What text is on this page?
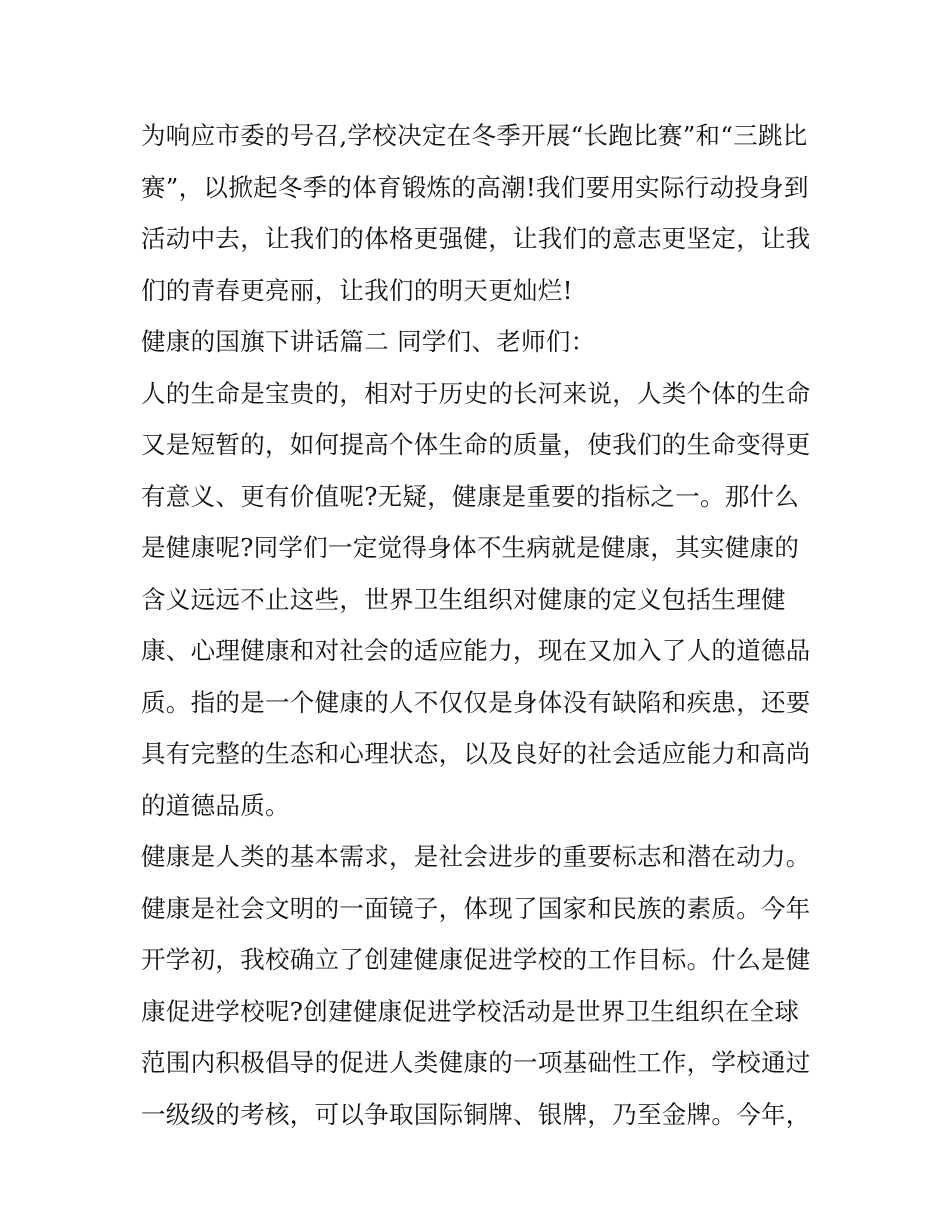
为响应市委的号召,学校决定在冬季开展“长跑比赛”和“三跳比
赛”，以掀起冬季的体育锻炼的高潮!我们要用实际行动投身到
活动中去，让我们的体格更强健，让我们的意志更坚定，让我
们的青春更亮丽，让我们的明天更灿烂!
健康的国旗下讲话篇二 同学们、老师们：
人的生命是宝贵的，相对于历史的长河来说，人类个体的生命
又是短暂的，如何提高个体生命的质量，使我们的生命变得更
有意义、更有价值呢?无疑，健康是重要的指标之一。那什么
是健康呢?同学们一定觉得身体不生病就是健康，其实健康的
含义远远不止这些，世界卫生组织对健康的定义包括生理健
康、心理健康和对社会的适应能力，现在又加入了人的道德品
质。指的是一个健康的人不仅仅是身体没有缺陷和疾患，还要
具有完整的生态和心理状态，以及良好的社会适应能力和高尚
的道德品质。
健康是人类的基本需求，是社会进步的重要标志和潜在动力。
健康是社会文明的一面镜子，体现了国家和民族的素质。今年
开学初，我校确立了创建健康促进学校的工作目标。什么是健
康促进学校呢?创建健康促进学校活动是世界卫生组织在全球
范围内积极倡导的促进人类健康的一项基础性工作，学校通过
一级级的考核，可以争取国际铜牌、银牌，乃至金牌。今年，
